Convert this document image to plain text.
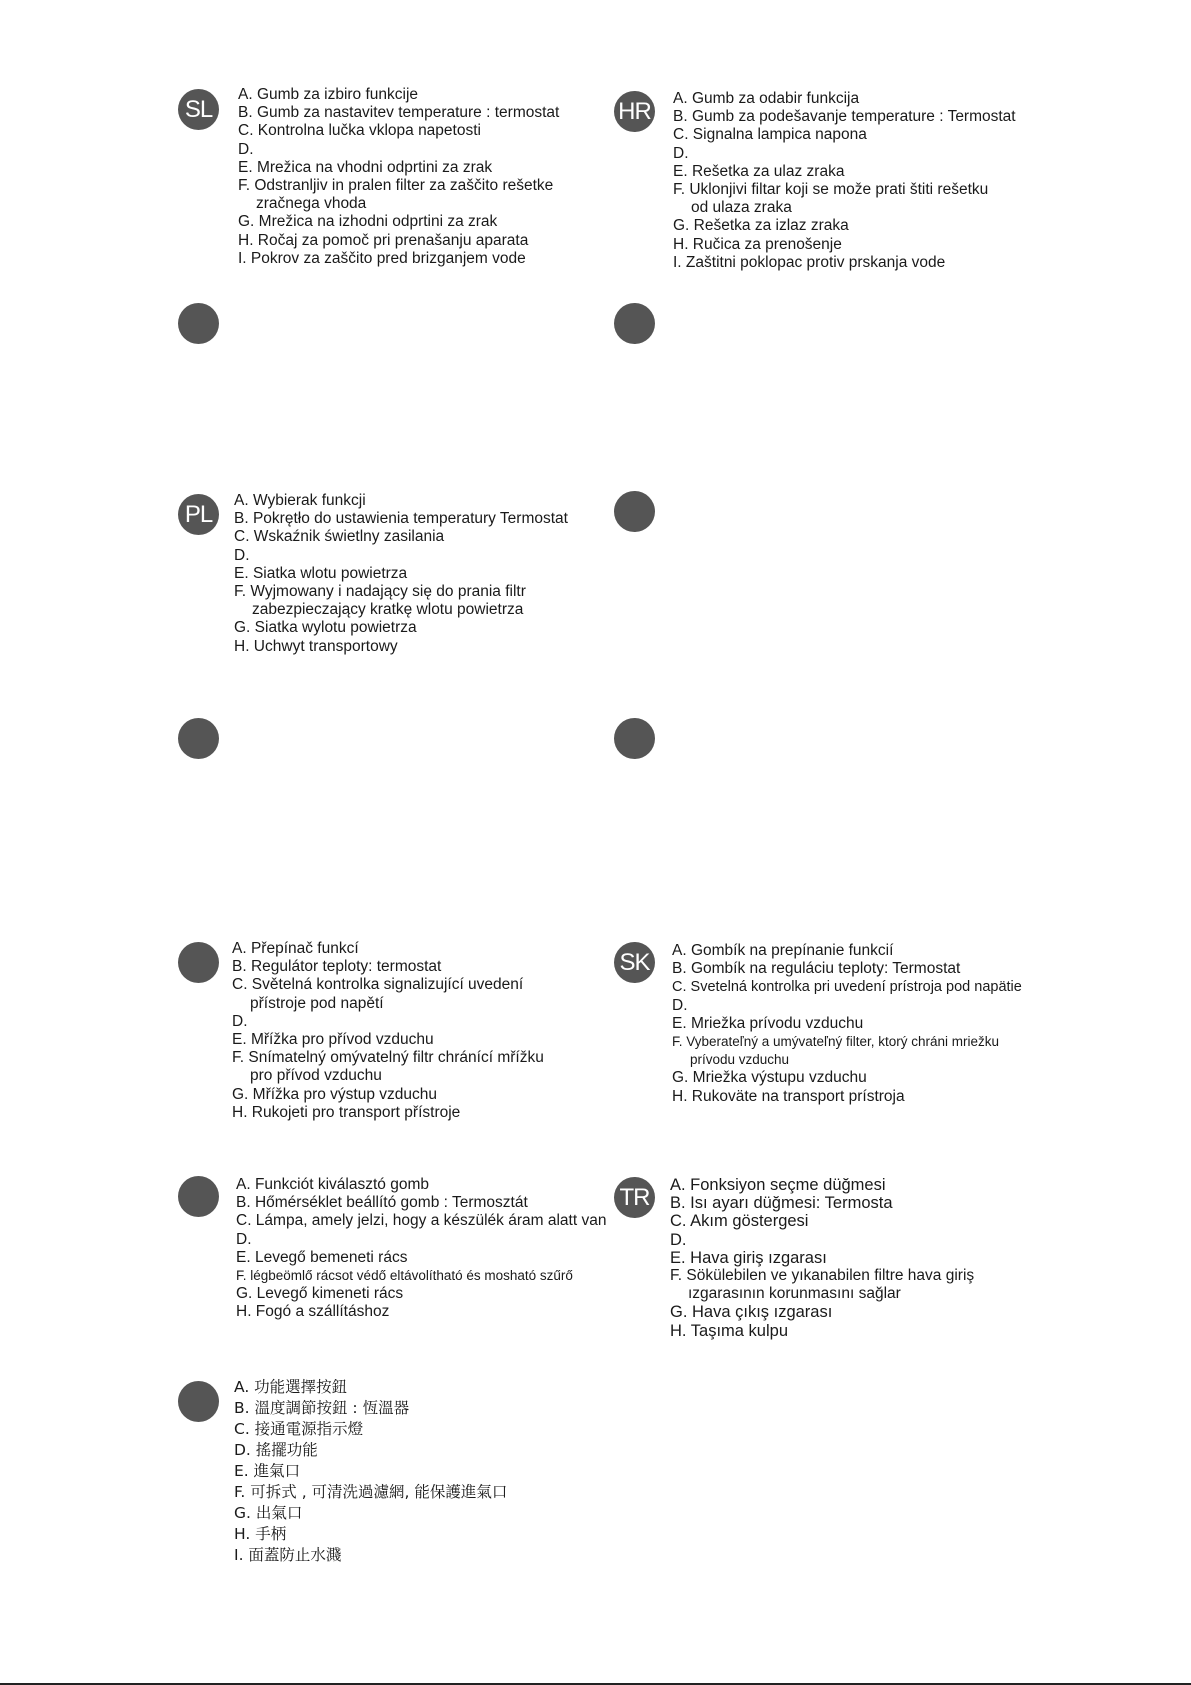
SL
A. Gumb za izbiro funkcije
B. Gumb za nastavitev temperature : termostat
C. Kontrolna lučka vklopa napetosti
D.
E. Mrežica na vhodni odprtini za zrak
F. Odstranljiv in pralen filter za zaščito rešetke
zračnega vhoda
G. Mrežica na izhodni odprtini za zrak
H. Ročaj za pomoč pri prenašanju aparata
I. Pokrov za zaščito pred brizganjem vode
HR A. Gumb za odabir funkcija
B. Gumb za podešavanje temperature : Termostat
C. Signalna lampica napona
D.
E. Rešetka za ulaz zraka
F. Uklonjivi filtar koji se može prati štiti rešetku
od ulaza zraka
G. Rešetka za izlaz zraka
H. Ručica za prenošenje
I. Zaštitni poklopac protiv prskanja vode
PL
A. Wybierak funkcji
B. Pokrętło do ustawienia temperatury Termostat
C. Wskaźnik świetlny zasilania
D.
E. Siatka wlotu powietrza
F. Wyjmowany i nadający się do prania filtr
zabezpieczający kratkę wlotu powietrza
G. Siatka wylotu powietrza
H. Uchwyt transportowy
A. Přepínač funkcí
B. Regulátor teploty: termostat
C. Světelná kontrolka signalizující uvedení
přístroje pod napětí
D.
E. Mřížka pro přívod vzduchu
F. Snímatelný omývatelný filtr chránící mřížku
pro přívod vzduchu
G. Mřížka pro výstup vzduchu
H. Rukojeti pro transport přístroje
SK	A. Gombík na prepínanie funkcií
B. Gombík na reguláciu teploty: Termostat
C. Svetelná kontrolka pri uvedení prístroja pod napätie
D.
E. Mriežka prívodu vzduchu
F. Vyberateľný a umývateľný filter, ktorý chráni mriežku
prívodu vzduchu
G. Mriežka výstupu vzduchu
H. Rukoväte na transport prístroja
A. Funkciót kiválasztó gomb
B. Hőmérséklet beállító gomb : Termosztát
C. Lámpa, amely jelzi, hogy a készülék áram alatt van
D.
E. Levegő bemeneti rács
F. légbeömlő rácsot védő eltávolítható és mosható szűrő
G. Levegő kimeneti rács
H. Fogó a szállításhoz
TR	A. Fonksiyon seçme düğmesi
B. Isı ayarı düğmesi: Termosta
C. Akım göstergesi
D.
E. Hava giriş ızgarası
F. Sökülebilen ve yıkanabilen filtre hava giriş
ızgarasının korunmasını sağlar
G. Hava çıkış ızgarası
H. Taşıma kulpu
A. 功能選擇按鈕
B. 溫度調節按鈕 : 恆溫器
C. 接通電源指示燈
D. 搖擺功能
E. 進氣口
F. 可拆式 , 可清洗過濾網, 能保護進氣口
G. 出氣口
H. 手柄
I. 面蓋防止水濺
